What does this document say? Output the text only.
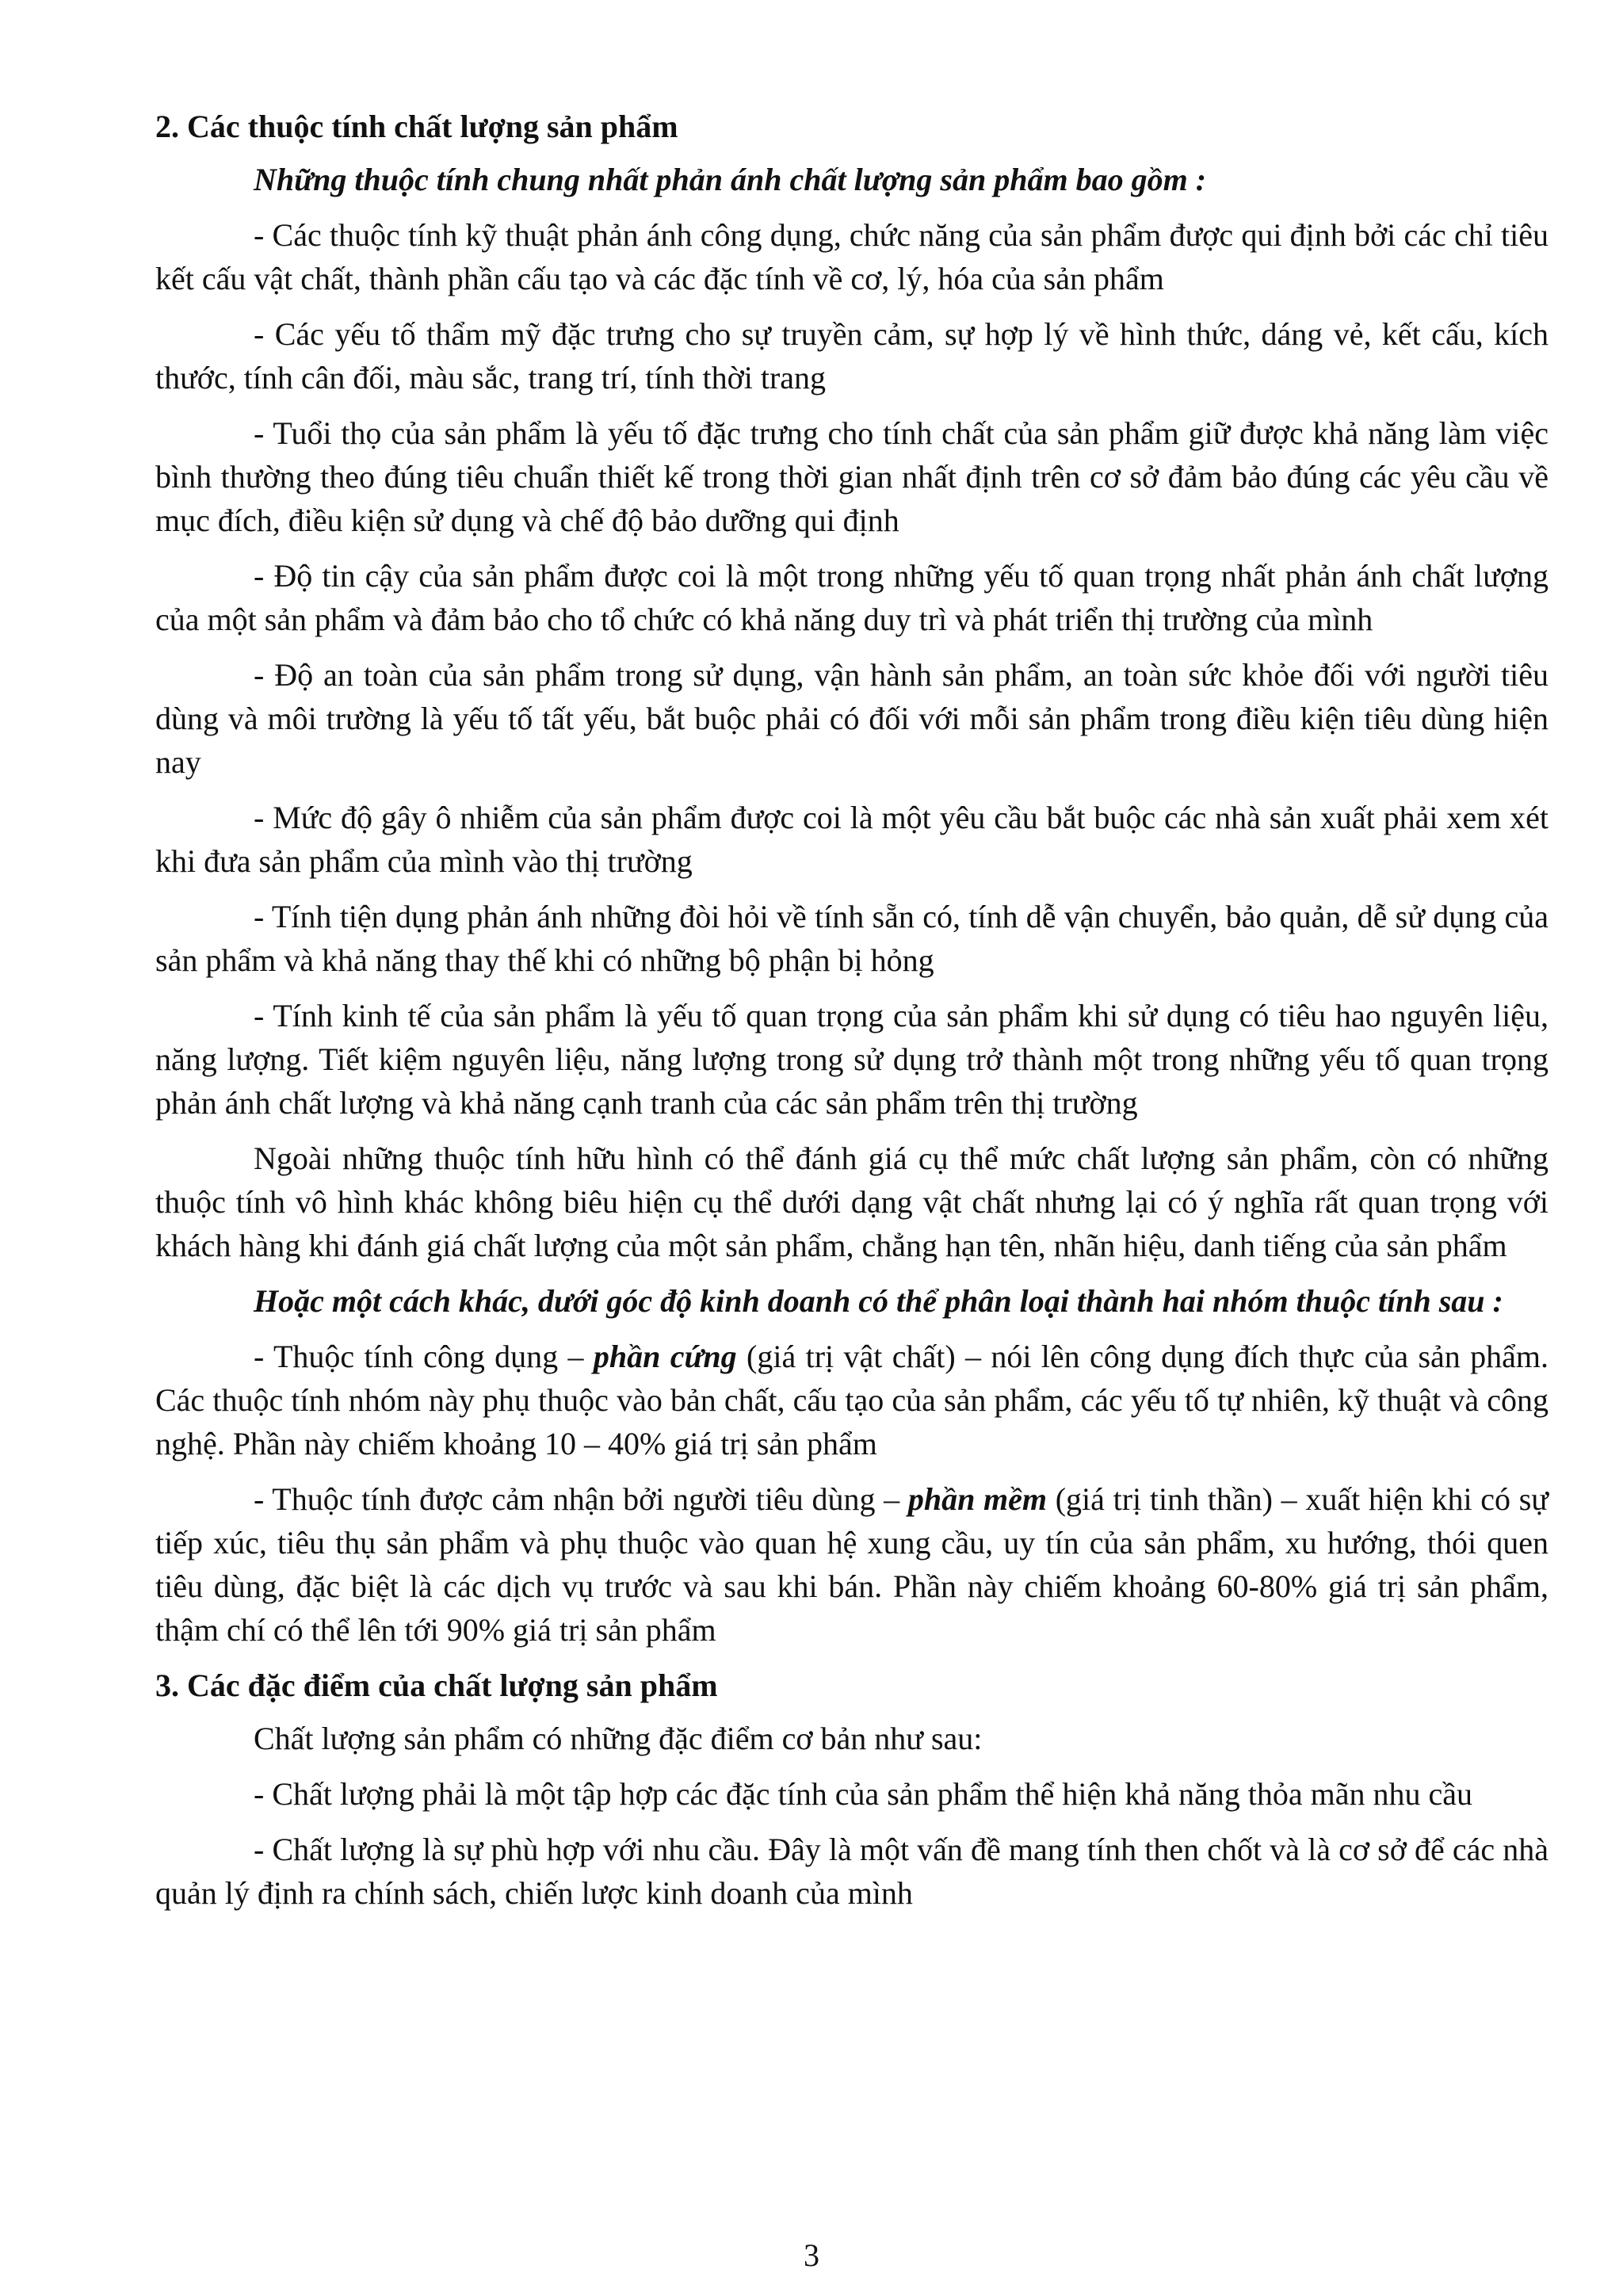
2. Các thuộc tính chất lượng sản phẩm

Những thuộc tính chung nhất phản ánh chất lượng sản phẩm bao gồm :

- Các thuộc tính kỹ thuật phản ánh công dụng, chức năng của sản phẩm được qui định bởi các chỉ tiêu kết cấu vật chất, thành phần cấu tạo và các đặc tính về cơ, lý, hóa của sản phẩm

- Các yếu tố thẩm mỹ đặc trưng cho sự truyền cảm, sự hợp lý về hình thức, dáng vẻ, kết cấu, kích thước, tính cân đối, màu sắc, trang trí, tính thời trang

- Tuổi thọ của sản phẩm là yếu tố đặc trưng cho tính chất của sản phẩm giữ được khả năng làm việc bình thường theo đúng tiêu chuẩn thiết kế trong thời gian nhất định trên cơ sở đảm bảo đúng các yêu cầu về mục đích, điều kiện sử dụng và chế độ bảo dưỡng qui định

- Độ tin cậy của sản phẩm được coi là một trong những yếu tố quan trọng nhất phản ánh chất lượng của một sản phẩm và đảm bảo cho tổ chức có khả năng duy trì và phát triển thị trường của mình

- Độ an toàn của sản phẩm trong sử dụng, vận hành sản phẩm, an toàn sức khỏe đối với người tiêu dùng và môi trường là yếu tố tất yếu, bắt buộc phải có đối với mỗi sản phẩm trong điều kiện tiêu dùng hiện nay

- Mức độ gây ô nhiễm của sản phẩm được coi là một yêu cầu bắt buộc các nhà sản xuất phải xem xét khi đưa sản phẩm của mình vào thị trường

- Tính tiện dụng phản ánh những đòi hỏi về tính sẵn có, tính dễ vận chuyển, bảo quản, dễ sử dụng của sản phẩm và khả năng thay thế khi có những bộ phận bị hỏng

- Tính kinh tế của sản phẩm là yếu tố quan trọng của sản phẩm khi sử dụng có tiêu hao nguyên liệu, năng lượng. Tiết kiệm nguyên liệu, năng lượng trong sử dụng trở thành một trong những yếu tố quan trọng phản ánh chất lượng và khả năng cạnh tranh của các sản phẩm trên thị trường

Ngoài những thuộc tính hữu hình có thể đánh giá cụ thể mức chất lượng sản phẩm, còn có những thuộc tính vô hình khác không biêu hiện cụ thể dưới dạng vật chất nhưng lại có ý nghĩa rất quan trọng với khách hàng khi đánh giá chất lượng của một sản phẩm, chẳng hạn tên, nhãn hiệu, danh tiếng của sản phẩm

Hoặc một cách khác, dưới góc độ kinh doanh có thể phân loại thành hai nhóm thuộc tính sau :

- Thuộc tính công dụng – phần cứng (giá trị vật chất) – nói lên công dụng đích thực của sản phẩm. Các thuộc tính nhóm này phụ thuộc vào bản chất, cấu tạo của sản phẩm, các yếu tố tự nhiên, kỹ thuật và công nghệ. Phần này chiếm khoảng 10 – 40% giá trị sản phẩm

- Thuộc tính được cảm nhận bởi người tiêu dùng – phần mềm (giá trị tinh thần) – xuất hiện khi có sự tiếp xúc, tiêu thụ sản phẩm và phụ thuộc vào quan hệ xung cầu, uy tín của sản phẩm, xu hướng, thói quen tiêu dùng, đặc biệt là các dịch vụ trước và sau khi bán. Phần này chiếm khoảng 60-80% giá trị sản phẩm, thậm chí có thể lên tới 90% giá trị sản phẩm

3. Các đặc điểm của chất lượng sản phẩm

Chất lượng sản phẩm có những đặc điểm cơ bản như sau:

- Chất lượng phải là một tập hợp các đặc tính của sản phẩm thể hiện khả năng thỏa mãn nhu cầu

- Chất lượng là sự phù hợp với nhu cầu. Đây là một vấn đề mang tính then chốt và là cơ sở để các nhà quản lý định ra chính sách, chiến lược kinh doanh của mình

3
